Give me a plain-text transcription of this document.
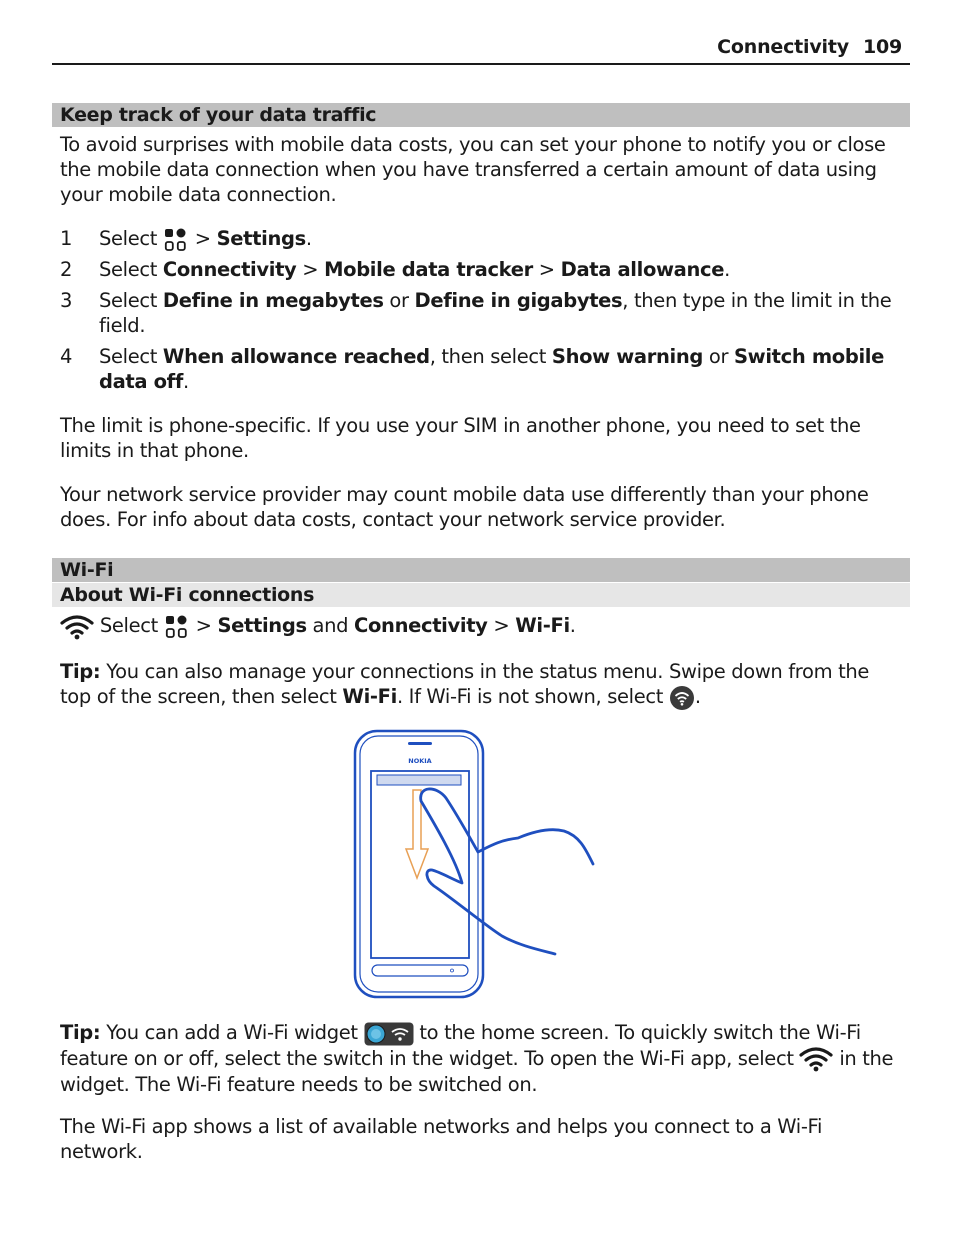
Connectivity 109
Keep track of your data traffic

To avoid surprises with mobile data costs, you can set your phone to notify you or close the mobile data connection when you have transferred a certain amount of data using your mobile data connection.

1 Select  > Settings.
2 Select Connectivity > Mobile data tracker > Data allowance.
3 Select Define in megabytes or Define in gigabytes, then type in the limit in the field.
4 Select When allowance reached, then select Show warning or Switch mobile data off.

The limit is phone-specific. If you use your SIM in another phone, you need to set the limits in that phone.

Your network service provider may count mobile data use differently than your phone does. For info about data costs, contact your network service provider.

Wi-Fi
About Wi-Fi connections
Select  > Settings and Connectivity > Wi-Fi.

Tip: You can also manage your connections in the status menu. Swipe down from the top of the screen, then select Wi-Fi. If Wi-Fi is not shown, select .

NOKIA

Tip: You can add a Wi-Fi widget	to the home screen. To quickly switch the Wi-Fi feature on or off, select the switch in the widget. To open the Wi-Fi app, select  in the widget. The Wi-Fi feature needs to be switched on.

The Wi-Fi app shows a list of available networks and helps you connect to a Wi-Fi network.
